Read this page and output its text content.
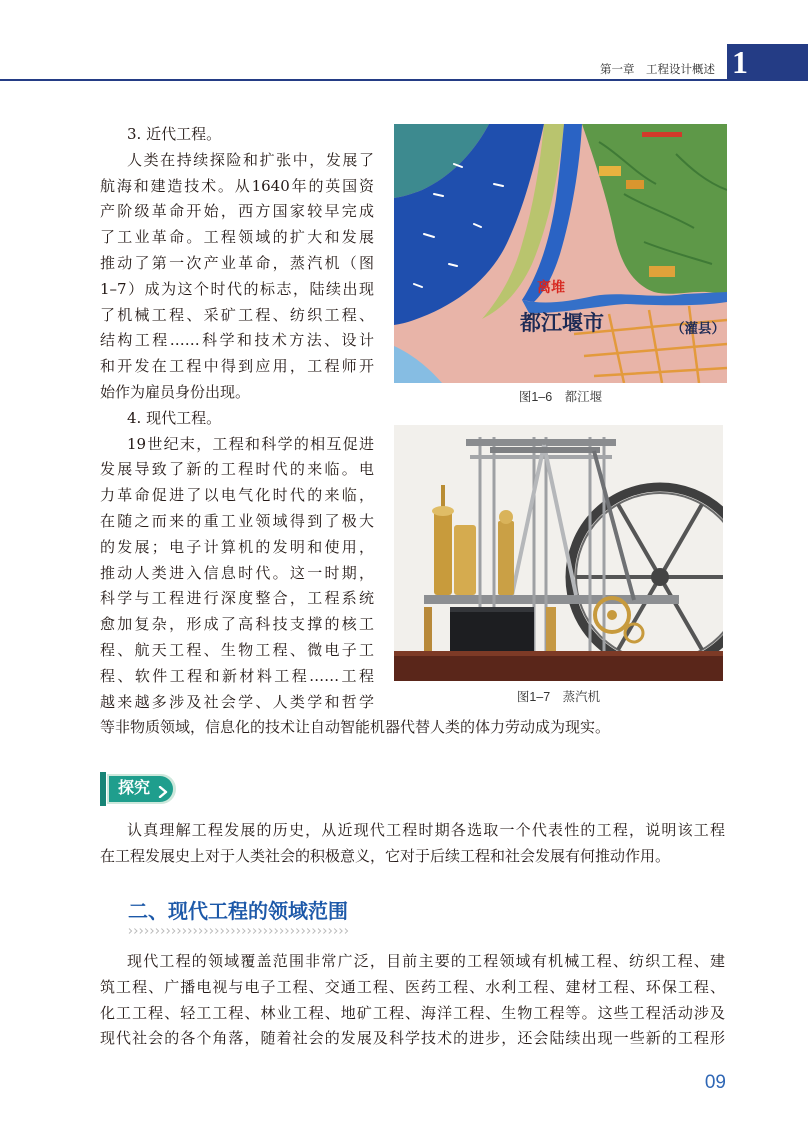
第一章　工程设计概述 1
3. 近代工程。
人类在持续探险和扩张中，发展了
航海和建造技术。从1640年的英国资
产阶级革命开始，西方国家较早完成
了工业革命。工程领域的扩大和发展
推动了第一次产业革命，蒸汽机（图
1–7）成为这个时代的标志，陆续出现
了机械工程、采矿工程、纺织工程、
结构工程……科学和技术方法、设计
和开发在工程中得到应用，工程师开
始作为雇员身份出现。
4. 现代工程。
19世纪末，工程和科学的相互促进
发展导致了新的工程时代的来临。电
力革命促进了以电气化时代的来临，
在随之而来的重工业领域得到了极大
的发展；电子计算机的发明和使用，
推动人类进入信息时代。这一时期，
科学与工程进行深度整合，工程系统
愈加复杂，形成了高科技支撑的核工
程、航天工程、生物工程、微电子工
程、软件工程和新材料工程……工程
越来越多涉及社会学、人类学和哲学
等非物质领域，信息化的技术让自动智能机器代替人类的体力劳动成为现实。
都江堰市	（灌县）
离堆
图1–6　都江堰
图1–7　蒸汽机
探究
认真理解工程发展的历史，从近现代工程时期各选取一个代表性的工程，说明该工程
在工程发展史上对于人类社会的积极意义，它对于后续工程和社会发展有何推动作用。
二、现代工程的领域范围
现代工程的领域覆盖范围非常广泛，目前主要的工程领域有机械工程、纺织工程、建
筑工程、广播电视与电子工程、交通工程、医药工程、水利工程、建材工程、环保工程、
化工工程、轻工工程、林业工程、地矿工程、海洋工程、生物工程等。这些工程活动涉及
现代社会的各个角落，随着社会的发展及科学技术的进步，还会陆续出现一些新的工程形
09
